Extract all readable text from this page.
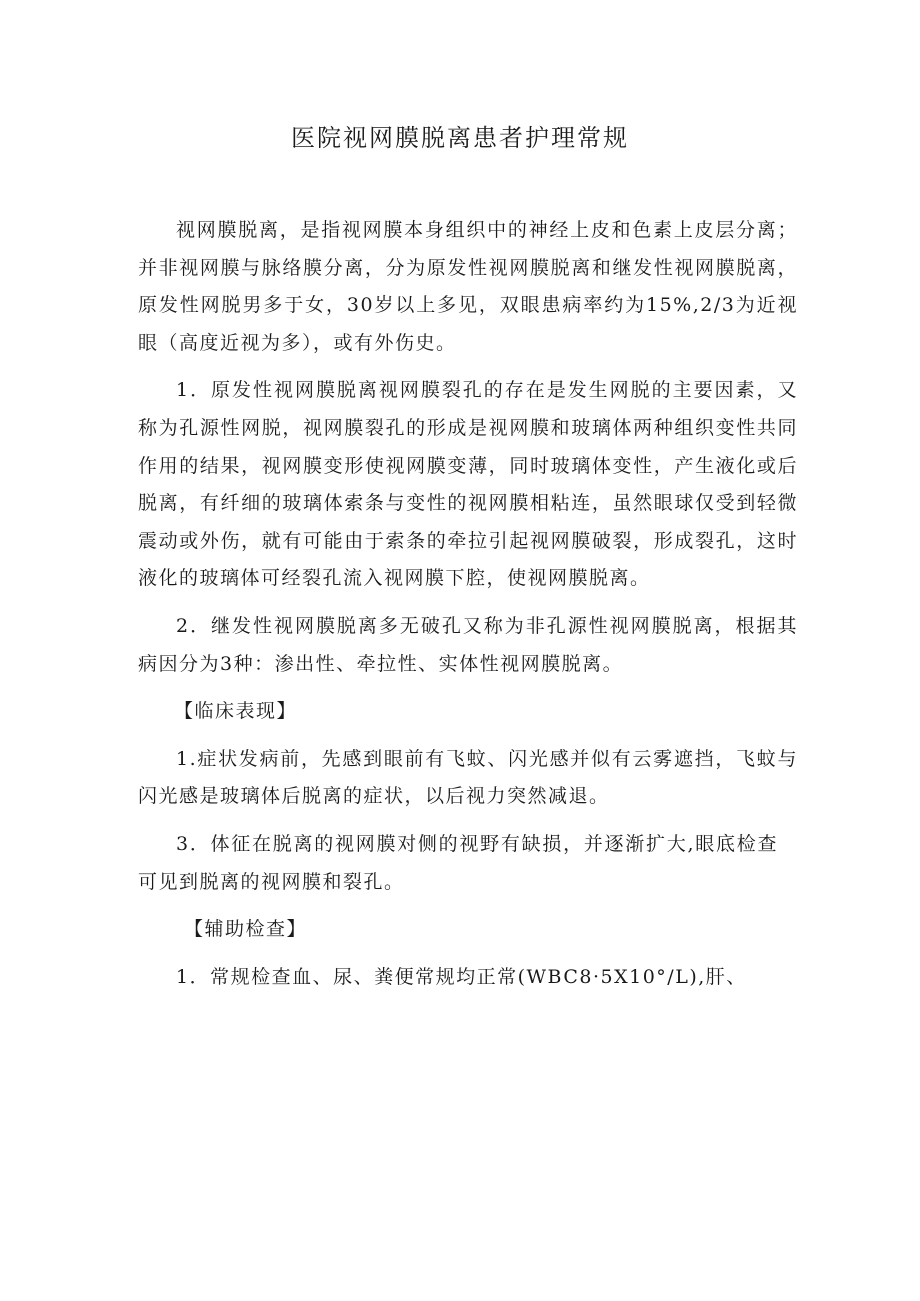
医院视网膜脱离患者护理常规

视网膜脱离，是指视网膜本身组织中的神经上皮和色素上皮层分离；并非视网膜与脉络膜分离，分为原发性视网膜脱离和继发性视网膜脱离，原发性网脱男多于女，30岁以上多见，双眼患病率约为15%,2/3为近视眼（高度近视为多），或有外伤史。

1．原发性视网膜脱离视网膜裂孔的存在是发生网脱的主要因素，又称为孔源性网脱，视网膜裂孔的形成是视网膜和玻璃体两种组织变性共同作用的结果，视网膜变形使视网膜变薄，同时玻璃体变性，产生液化或后脱离，有纤细的玻璃体索条与变性的视网膜相粘连，虽然眼球仅受到轻微震动或外伤，就有可能由于索条的牵拉引起视网膜破裂，形成裂孔，这时液化的玻璃体可经裂孔流入视网膜下腔，使视网膜脱离。

2．继发性视网膜脱离多无破孔又称为非孔源性视网膜脱离，根据其病因分为3种：渗出性、牵拉性、实体性视网膜脱离。

【临床表现】

1.症状发病前，先感到眼前有飞蚊、闪光感并似有云雾遮挡，飞蚊与闪光感是玻璃体后脱离的症状，以后视力突然减退。

3．体征在脱离的视网膜对侧的视野有缺损，并逐渐扩大,眼底检查可见到脱离的视网膜和裂孔。

【辅助检查】

1．常规检查血、尿、粪便常规均正常(WBC8·5X10°/L),肝、
